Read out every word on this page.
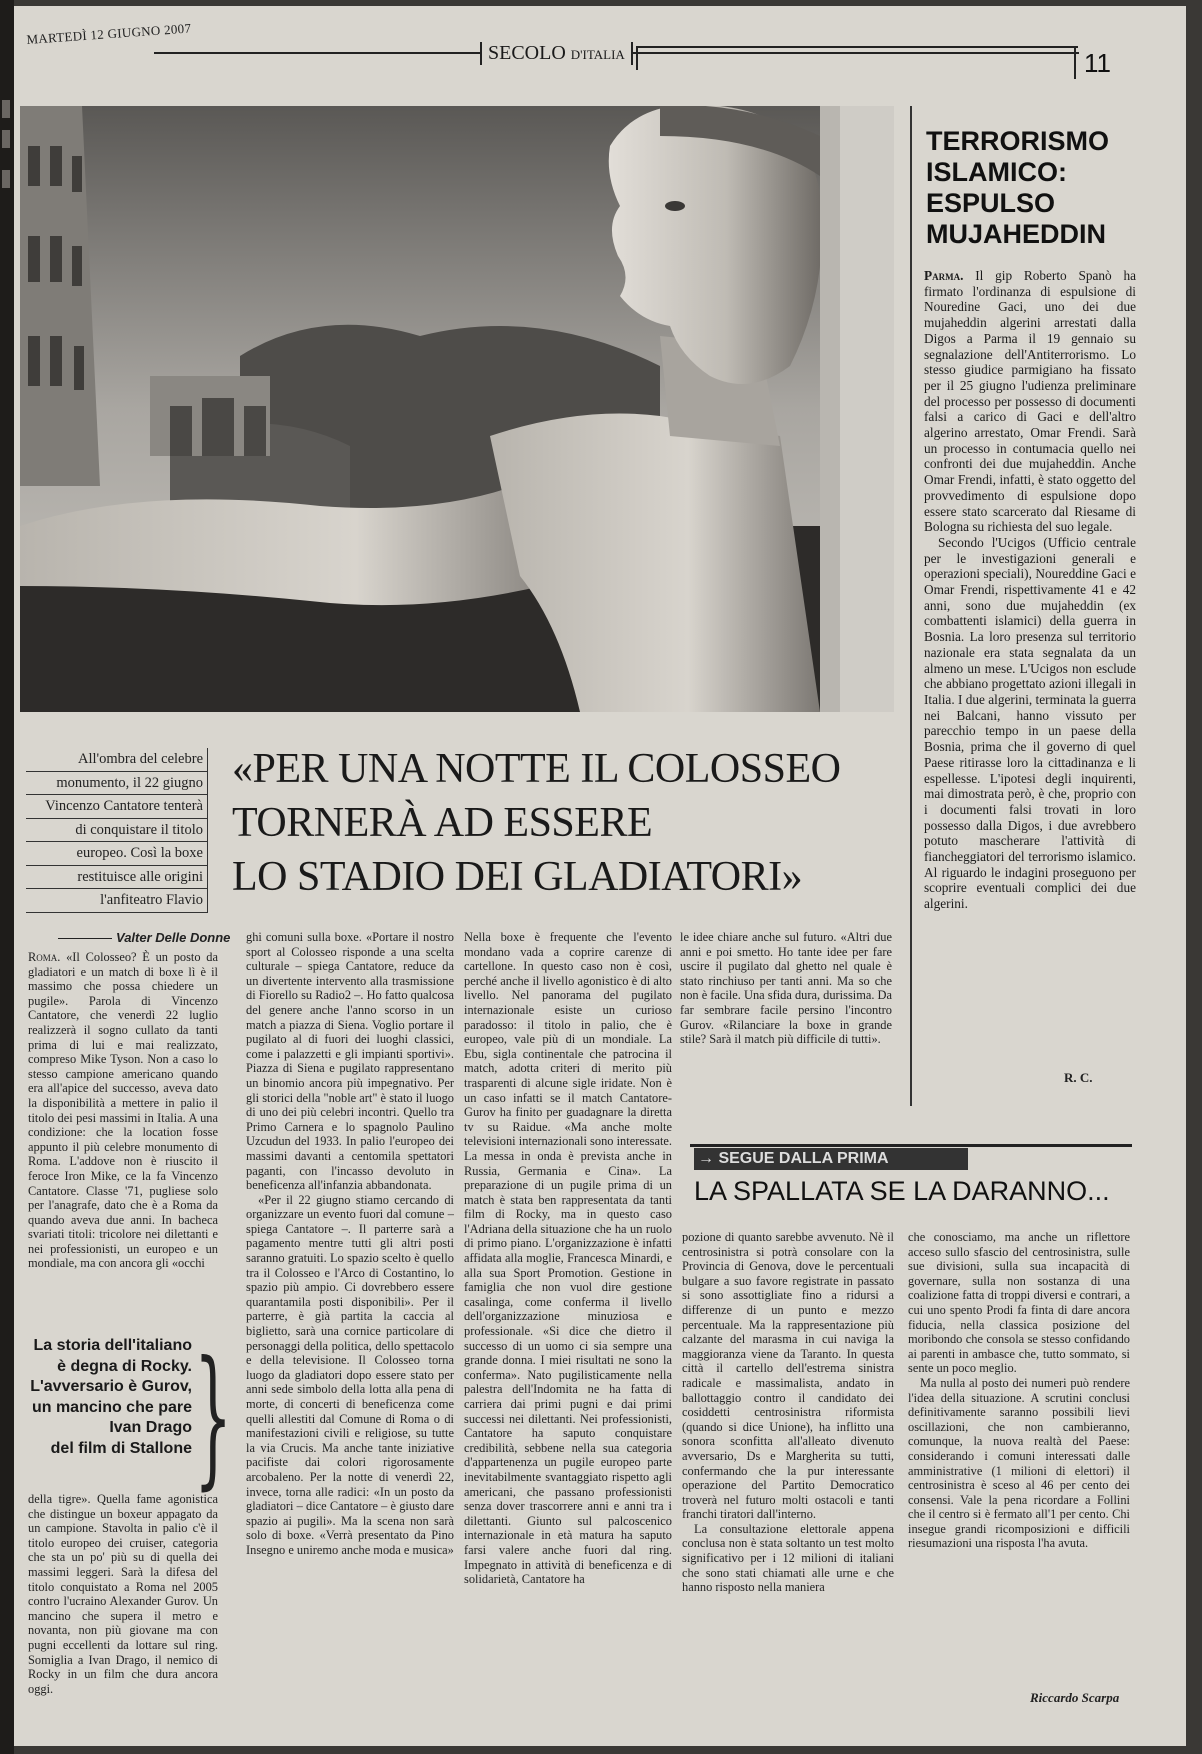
MARTEDÌ 12 GIUGNO 2007
SECOLO D'ITALIA	11
TERRORISMO
ISLAMICO:
ESPULSO
MUJAHEDDIN

Parma. Il gip Roberto Spanò ha firmato l'ordinanza di espulsione di Nouredine Gaci, uno dei due mujaheddin algerini arrestati dalla Digos a Parma il 19 gennaio su segnalazione dell'Antiterrorismo. Lo stesso giudice parmigiano ha fissato per il 25 giugno l'udienza preliminare del processo per possesso di documenti falsi a carico di Gaci e dell'altro algerino arrestato, Omar Frendi. Sarà un processo in contumacia quello nei confronti dei due mujaheddin. Anche Omar Frendi, infatti, è stato oggetto del provvedimento di espulsione dopo essere stato scarcerato dal Riesame di Bologna su richiesta del suo legale.

Secondo l'Ucigos (Ufficio centrale per le investigazioni generali e operazioni speciali), Noureddine Gaci e Omar Frendi, rispettivamente 41 e 42 anni, sono due mujaheddin (ex combattenti islamici) della guerra in Bosnia. La loro presenza sul territorio nazionale era stata segnalata da un almeno un mese. L'Ucigos non esclude che abbiano progettato azioni illegali in Italia. I due algerini, terminata la guerra nei Balcani, hanno vissuto per parecchio tempo in un paese della Bosnia, prima che il governo di quel Paese ritirasse loro la cittadinanza e li espellesse. L'ipotesi degli inquirenti, mai dimostrata però, è che, proprio con i documenti falsi trovati in loro possesso dalla Digos, i due avrebbero potuto mascherare l'attività di fiancheggiatori del terrorismo islamico. Al riguardo le indagini proseguono per scoprire eventuali complici dei due algerini.

R. C.
All'ombra del celebre
monumento, il 22 giugno
Vincenzo Cantatore tenterà
di conquistare il titolo
europeo. Così la boxe
restituisce alle origini
l'anfiteatro Flavio
«PER UNA NOTTE IL COLOSSEO
TORNERÀ AD ESSERE
LO STADIO DEI GLADIATORI»
Valter Delle Donne

Roma. «Il Colosseo? È un posto da gladiatori e un match di boxe lì è il massimo che possa chiedere un pugile». Parola di Vincenzo Cantatore, che venerdì 22 luglio realizzerà il sogno cullato da tanti prima di lui e mai realizzato, compreso Mike Tyson. Non a caso lo stesso campione americano quando era all'apice del successo, aveva dato la disponibilità a mettere in palio il titolo dei pesi massimi in Italia. A una condizione: che la location fosse appunto il più celebre monumento di Roma. L'addove non è riuscito il feroce Iron Mike, ce la fa Vincenzo Cantatore. Classe '71, pugliese solo per l'anagrafe, dato che è a Roma da quando aveva due anni. In bacheca svariati titoli: tricolore nei dilettanti e nei professionisti, un europeo e un mondiale, ma con ancora gli «occhi

La storia dell'italiano
è degna di Rocky.
L'avversario è Gurov,
un mancino che pare
Ivan Drago
del film di Stallone }

della tigre». Quella fame agonistica che distingue un boxeur appagato da un campione. Stavolta in palio c'è il titolo europeo dei cruiser, categoria che sta un po' più su di quella dei massimi leggeri. Sarà la difesa del titolo conquistato a Roma nel 2005 contro l'ucraino Alexander Gurov. Un mancino che supera il metro e novanta, non più giovane ma con pugni eccellenti da lottare sul ring. Somiglia a Ivan Drago, il nemico di Rocky in un film che dura ancora oggi.

ghi comuni sulla boxe. «Portare il nostro sport al Colosseo risponde a una scelta culturale – spiega Cantatore, reduce da un divertente intervento alla trasmissione di Fiorello su Radio2 –. Ho fatto qualcosa del genere anche l'anno scorso in un match a piazza di Siena. Voglio portare il pugilato al di fuori dei luoghi classici, come i palazzetti e gli impianti sportivi». Piazza di Siena e pugilato rappresentano un binomio ancora più impegnativo. Per gli storici della "noble art" è stato il luogo di uno dei più celebri incontri. Quello tra Primo Carnera e lo spagnolo Paulino Uzcudun del 1933. In palio l'europeo dei massimi davanti a centomila spettatori paganti, con l'incasso devoluto in beneficenza all'infanzia abbandonata.

«Per il 22 giugno stiamo cercando di organizzare un evento fuori dal comune – spiega Cantatore –. Il parterre sarà a pagamento mentre tutti gli altri posti saranno gratuiti. Lo spazio scelto è quello tra il Colosseo e l'Arco di Costantino, lo spazio più ampio. Ci dovrebbero essere quarantamila posti disponibili». Per il parterre, è già partita la caccia al biglietto, sarà una cornice particolare di personaggi della politica, dello spettacolo e della televisione. Il Colosseo torna luogo da gladiatori dopo essere stato per anni sede simbolo della lotta alla pena di morte, di concerti di beneficenza come quelli allestiti dal Comune di Roma o di manifestazioni civili e religiose, su tutte la via Crucis. Ma anche tante iniziative pacifiste dai colori rigorosamente arcobaleno. Per la notte di venerdì 22, invece, torna alle radici: «In un posto da gladiatori – dice Cantatore – è giusto dare spazio ai pugili». Ma la scena non sarà solo di boxe. «Verrà presentato da Pino Insegno e uniremo anche moda e musica»

Nella boxe è frequente che l'evento mondano vada a coprire carenze di cartellone. In questo caso non è così, perché anche il livello agonistico è di alto livello. Nel panorama del pugilato internazionale esiste un curioso paradosso: il titolo in palio, che è europeo, vale più di un mondiale. La Ebu, sigla continentale che patrocina il match, adotta criteri di merito più trasparenti di alcune sigle iridate. Non è un caso infatti se il match Cantatore-Gurov ha finito per guadagnare la diretta tv su Raidue. «Ma anche molte televisioni internazionali sono interessate. La messa in onda è prevista anche in Russia, Germania e Cina». La preparazione di un pugile prima di un match è stata ben rappresentata da tanti film di Rocky, ma in questo caso l'Adriana della situazione che ha un ruolo di primo piano. L'organizzazione è infatti affidata alla moglie, Francesca Minardi, e alla sua Sport Promotion. Gestione in famiglia che non vuol dire gestione casalinga, come conferma il livello dell'organizzazione minuziosa e professionale. «Si dice che dietro il successo di un uomo ci sia sempre una grande donna. I miei risultati ne sono la conferma». Nato pugilisticamente nella palestra dell'Indomita ne ha fatta di carriera dai primi pugni e dai primi successi nei dilettanti. Nei professionisti, Cantatore ha saputo conquistare credibilità, sebbene nella sua categoria d'appartenenza un pugile europeo parte inevitabilmente svantaggiato rispetto agli americani, che passano professionisti senza dover trascorrere anni e anni tra i dilettanti. Giunto sul palcoscenico internazionale in età matura ha saputo farsi valere anche fuori dal ring. Impegnato in attività di beneficenza e di solidarietà, Cantatore ha

le idee chiare anche sul futuro. «Altri due anni e poi smetto. Ho tante idee per fare uscire il pugilato dal ghetto nel quale è stato rinchiuso per tanti anni. Ma so che non è facile. Una sfida dura, durissima. Da far sembrare facile persino l'incontro Gurov. «Rilanciare la boxe in grande stile? Sarà il match più difficile di tutti».

→ SEGUE DALLA PRIMA
LA SPALLATA SE LA DARANNO...

pozione di quanto sarebbe avvenuto. Nè il centrosinistra si potrà consolare con la Provincia di Genova, dove le percentuali bulgare a suo favore registrate in passato si sono assottigliate fino a ridursi a differenze di un punto e mezzo percentuale. Ma la rappresentazione più calzante del marasma in cui naviga la maggioranza viene da Taranto. In questa città il cartello dell'estrema sinistra radicale e massimalista, andato in ballottaggio contro il candidato dei cosiddetti centrosinistra riformista (quando si dice Unione), ha inflitto una sonora sconfitta all'alleato divenuto avversario, Ds e Margherita su tutti, confermando che la pur interessante operazione del Partito Democratico troverà nel futuro molti ostacoli e tanti franchi tiratori dall'interno.

La consultazione elettorale appena conclusa non è stata soltanto un test molto significativo per i 12 milioni di italiani che sono stati chiamati alle urne e che hanno risposto nella maniera

che conosciamo, ma anche un riflettore acceso sullo sfascio del centrosinistra, sulle sue divisioni, sulla sua incapacità di governare, sulla non sostanza di una coalizione fatta di troppi diversi e contrari, a cui uno spento Prodi fa finta di dare ancora fiducia, nella classica posizione del moribondo che consola se stesso confidando ai parenti in ambasce che, tutto sommato, si sente un poco meglio.

Ma nulla al posto dei numeri può rendere l'idea della situazione. A scrutini conclusi definitivamente saranno possibili lievi oscillazioni, che non cambieranno, comunque, la nuova realtà del Paese: considerando i comuni interessati dalle amministrative (1 milioni di elettori) il centrosinistra è sceso al 46 per cento dei consensi. Vale la pena ricordare a Follini che il centro si è fermato all'1 per cento. Chi insegue grandi ricomposizioni e difficili riesumazioni una risposta l'ha avuta.

Riccardo Scarpa
